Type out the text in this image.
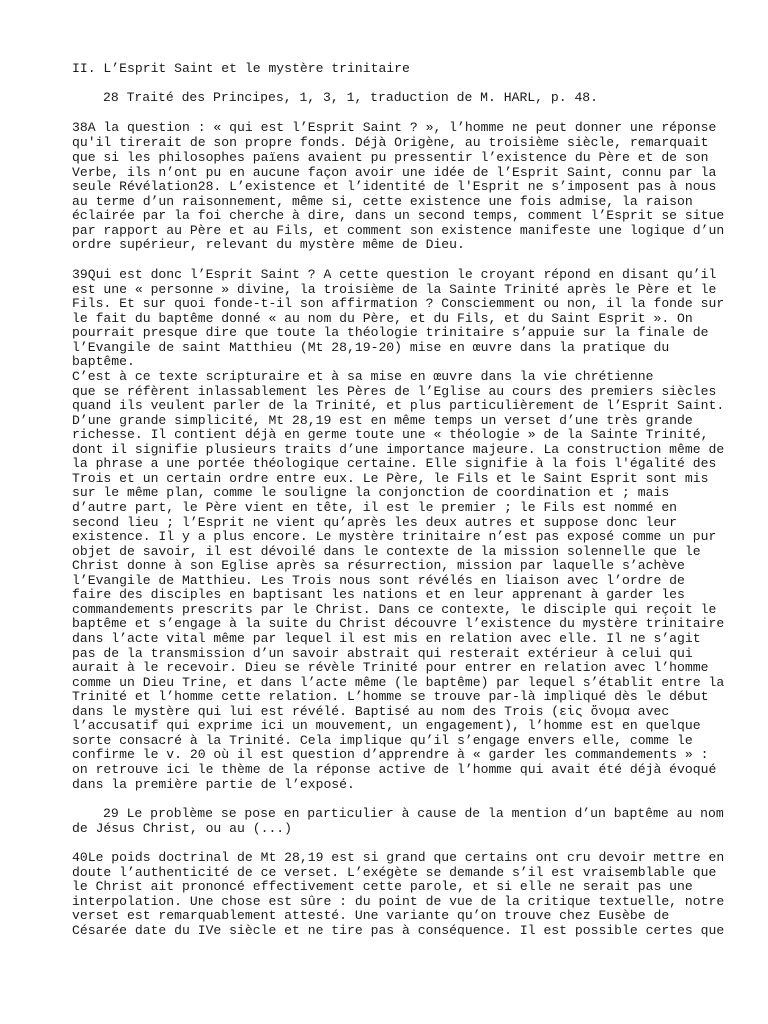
II. L’Esprit Saint et le mystère trinitaire
28 Traité des Principes, 1, 3, 1, traduction de M. HARL, p. 48.
38A la question : « qui est l’Esprit Saint ? », l’homme ne peut donner une réponse
qu'il tirerait de son propre fonds. Déjà Origène, au troisième siècle, remarquait
que si les philosophes païens avaient pu pressentir l’existence du Père et de son
Verbe, ils n’ont pu en aucune façon avoir une idée de l’Esprit Saint, connu par la
seule Révélation28. L’existence et l’identité de l'Esprit ne s’imposent pas à nous
au terme d’un raisonnement, même si, cette existence une fois admise, la raison
éclairée par la foi cherche à dire, dans un second temps, comment l’Esprit se situe
par rapport au Père et au Fils, et comment son existence manifeste une logique d’un
ordre supérieur, relevant du mystère même de Dieu.
39Qui est donc l’Esprit Saint ? A cette question le croyant répond en disant qu’il
est une « personne » divine, la troisième de la Sainte Trinité après le Père et le
Fils. Et sur quoi fonde-t-il son affirmation ? Consciemment ou non, il la fonde sur
le fait du baptême donné « au nom du Père, et du Fils, et du Saint Esprit ». On
pourrait presque dire que toute la théologie trinitaire s’appuie sur la finale de
l’Evangile de saint Matthieu (Mt 28,19-20) mise en œuvre dans la pratique du
baptême.
C’est à ce texte scripturaire et à sa mise en œuvre dans la vie chrétienne
que se réfèrent inlassablement les Pères de l’Eglise au cours des premiers siècles
quand ils veulent parler de la Trinité, et plus particulièrement de l’Esprit Saint.
D’une grande simplicité, Mt 28,19 est en même temps un verset d’une très grande
richesse. Il contient déjà en germe toute une « théologie » de la Sainte Trinité,
dont il signifie plusieurs traits d’une importance majeure. La construction même de
la phrase a une portée théologique certaine. Elle signifie à la fois l'égalité des
Trois et un certain ordre entre eux. Le Père, le Fils et le Saint Esprit sont mis
sur le même plan, comme le souligne la conjonction de coordination et ; mais
d’autre part, le Père vient en tête, il est le premier ; le Fils est nommé en
second lieu ; l’Esprit ne vient qu’après les deux autres et suppose donc leur
existence. Il y a plus encore. Le mystère trinitaire n’est pas exposé comme un pur
objet de savoir, il est dévoilé dans le contexte de la mission solennelle que le
Christ donne à son Eglise après sa résurrection, mission par laquelle s’achève
l’Evangile de Matthieu. Les Trois nous sont révélés en liaison avec l’ordre de
faire des disciples en baptisant les nations et en leur apprenant à garder les
commandements prescrits par le Christ. Dans ce contexte, le disciple qui reçoit le
baptême et s’engage à la suite du Christ découvre l’existence du mystère trinitaire
dans l’acte vital même par lequel il est mis en relation avec elle. Il ne s’agit
pas de la transmission d’un savoir abstrait qui resterait extérieur à celui qui
aurait à le recevoir. Dieu se révèle Trinité pour entrer en relation avec l’homme
comme un Dieu Trine, et dans l’acte même (le baptême) par lequel s’établit entre la
Trinité et l’homme cette relation. L’homme se trouve par-là impliqué dès le début
dans le mystère qui lui est révélé. Baptisé au nom des Trois (εἰς ὄνομα avec
l’accusatif qui exprime ici un mouvement, un engagement), l’homme est en quelque
sorte consacré à la Trinité. Cela implique qu’il s’engage envers elle, comme le
confirme le v. 20 où il est question d’apprendre à « garder les commandements » :
on retrouve ici le thème de la réponse active de l’homme qui avait été déjà évoqué
dans la première partie de l’exposé.
29 Le problème se pose en particulier à cause de la mention d’un baptême au nom
de Jésus Christ, ou au (...)
40Le poids doctrinal de Mt 28,19 est si grand que certains ont cru devoir mettre en
doute l’authenticité de ce verset. L’exégète se demande s’il est vraisemblable que
le Christ ait prononcé effectivement cette parole, et si elle ne serait pas une
interpolation. Une chose est sûre : du point de vue de la critique textuelle, notre
verset est remarquablement attesté. Une variante qu’on trouve chez Eusèbe de
Césarée date du IVe siècle et ne tire pas à conséquence. Il est possible certes que
